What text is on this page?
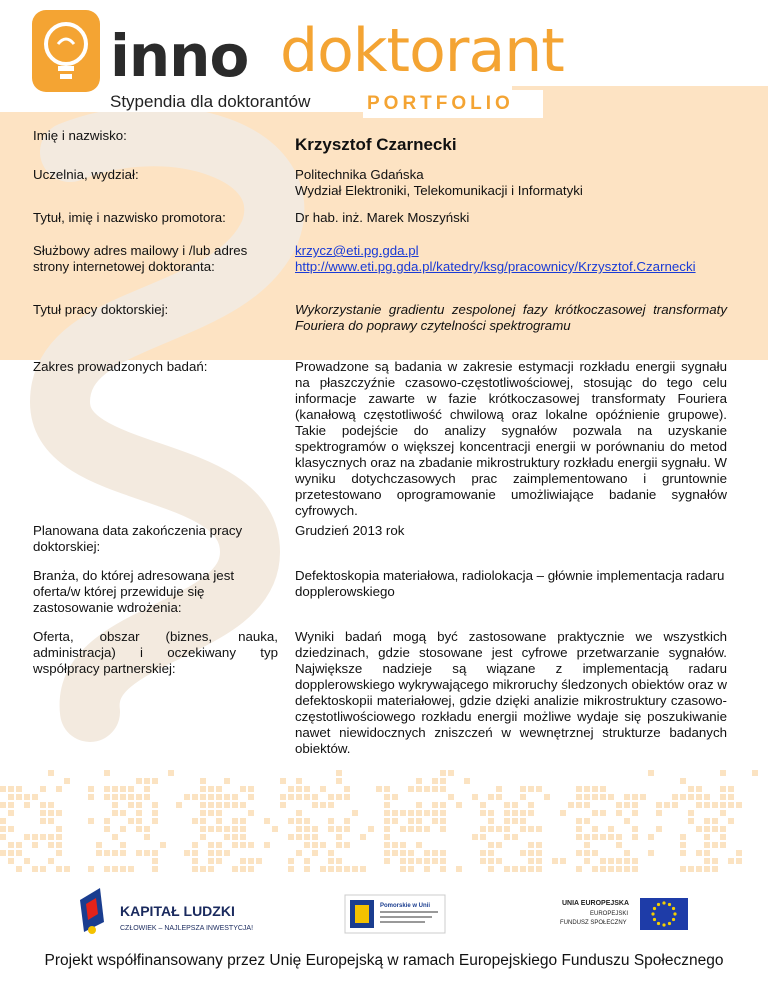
inno doktorant
Stypendia dla doktorantów	PORTFOLIO
Imię i nazwisko:	Krzysztof Czarnecki
Uczelnia, wydział:	Politechnika Gdańska
Wydział Elektroniki, Telekomunikacji i Informatyki
Tytuł, imię i nazwisko promotora:	Dr hab. inż. Marek Moszyński
Służbowy adres mailowy i /lub adres strony internetowej doktoranta:
krzycz@eti.pg.gda.pl
http://www.eti.pg.gda.pl/katedry/ksg/pracownicy/Krzysztof.Czarnecki
Tytuł pracy doktorskiej:	Wykorzystanie gradientu zespolonej fazy krótkoczasowej transformaty Fouriera do poprawy czytelności spektrogramu
Zakres prowadzonych badań:	Prowadzone są badania w zakresie estymacji rozkładu energii sygnału na płaszczyźnie czasowo-częstotliwościowej, stosując do tego celu informacje zawarte w fazie krótkoczasowej transformaty Fouriera (kanałową częstotliwość chwilową oraz lokalne opóźnienie grupowe). Takie podejście do analizy sygnałów pozwala na uzyskanie spektrogramów o większej koncentracji energii w porównaniu do metod klasycznych oraz na zbadanie mikrostruktury rozkładu energii sygnału. W wyniku dotychczasowych prac zaimplementowano i gruntownie przetestowano oprogramowanie umożliwiające badanie sygnałów cyfrowych.
Planowana data zakończenia pracy doktorskiej:
Grudzień 2013 rok
Branża, do której adresowana jest oferta/w której przewiduje się zastosowanie wdrożenia:
Defektoskopia materiałowa, radiolokacja – głównie implementacja radaru dopplerowskiego
Oferta, obszar (biznes, nauka, administracja) i oczekiwany typ współpracy partnerskiej:
Wyniki badań mogą być zastosowane praktycznie we wszystkich dziedzinach, gdzie stosowane jest cyfrowe przetwarzanie sygnałów. Największe nadzieje są wiązane z implementacją radaru dopplerowskiego wykrywającego mikroruchy śledzonych obiektów oraz w defektoskopii materiałowej, gdzie dzięki analizie mikrostruktury czasowo-częstotliwościowego rozkładu energii możliwe wydaje się poszukiwanie nawet niewidocznych zniszczeń w wewnętrznej strukturze badanych obiektów.
KAPITAŁ LUDZKI
CZŁOWIEK – NAJLEPSZA INWESTYCJA!
Pomorskie w Unii	UNIA EUROPEJSKA
EUROPEJSKI
FUNDUSZ SPOŁECZNY
Projekt współfinansowany przez Unię Europejską w ramach Europejskiego Funduszu Społecznego
